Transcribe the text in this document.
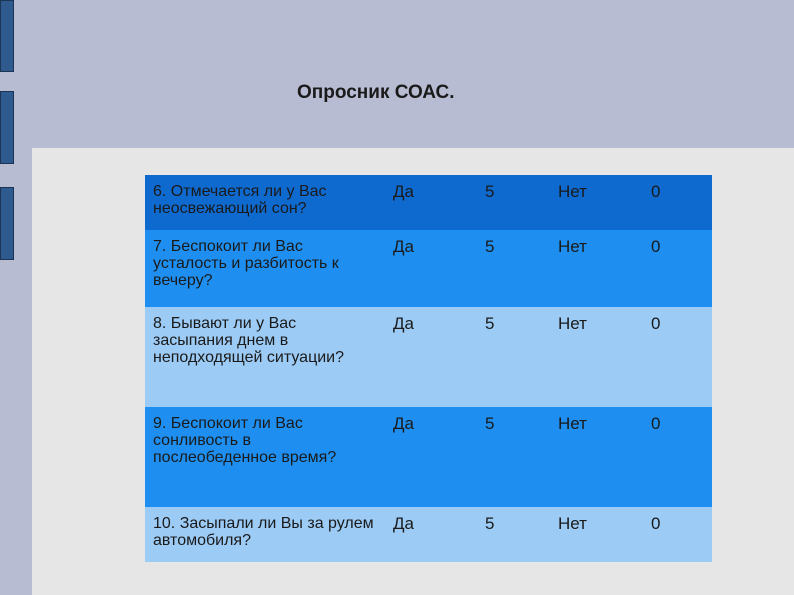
Опросник СОАС.
6. Отмечается ли у Вас неосвежающий сон?	Да	5	Нет	0
7. Беспокоит ли Вас усталость и разбитость к вечеру?	Да	5	Нет	0
8. Бывают ли у Вас засыпания днем в неподходящей ситуации?	Да	5	Нет	0
9. Беспокоит ли Вас сонливость в послеобеденное время?	Да	5	Нет	0
10. Засыпали ли Вы за рулем автомобиля?	Да	5	Нет	0
